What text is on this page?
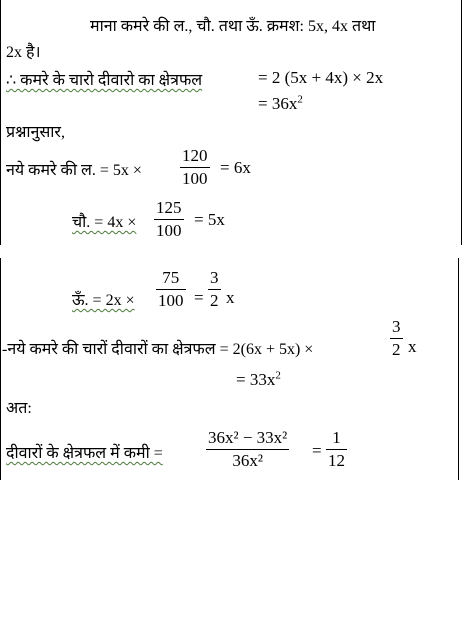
माना कमरे की ल., चौ. तथा ऊँ. क्रमश: 5x, 4x तथा
2x है।
∴ कमरे के चारो दीवारो का क्षेत्रफल	= 2 (5x + 4x) × 2x
= $36x^2$
प्रश्नानुसार,
नये कमरे की ल. = 5x ×
120
100
= 6x
चौ. = 4x ×
125
100
= 5x
ऊँ. = 2x ×
75
100 =
3
2 x
-नये कमरे की चारों दीवारों का क्षेत्रफल = 2(6x + 5x) ×
3
2 x
= $33x^2$
अत:
दीवारों के क्षेत्रफल में कमी =
36x² − 33x²
36x²
=
1
12
